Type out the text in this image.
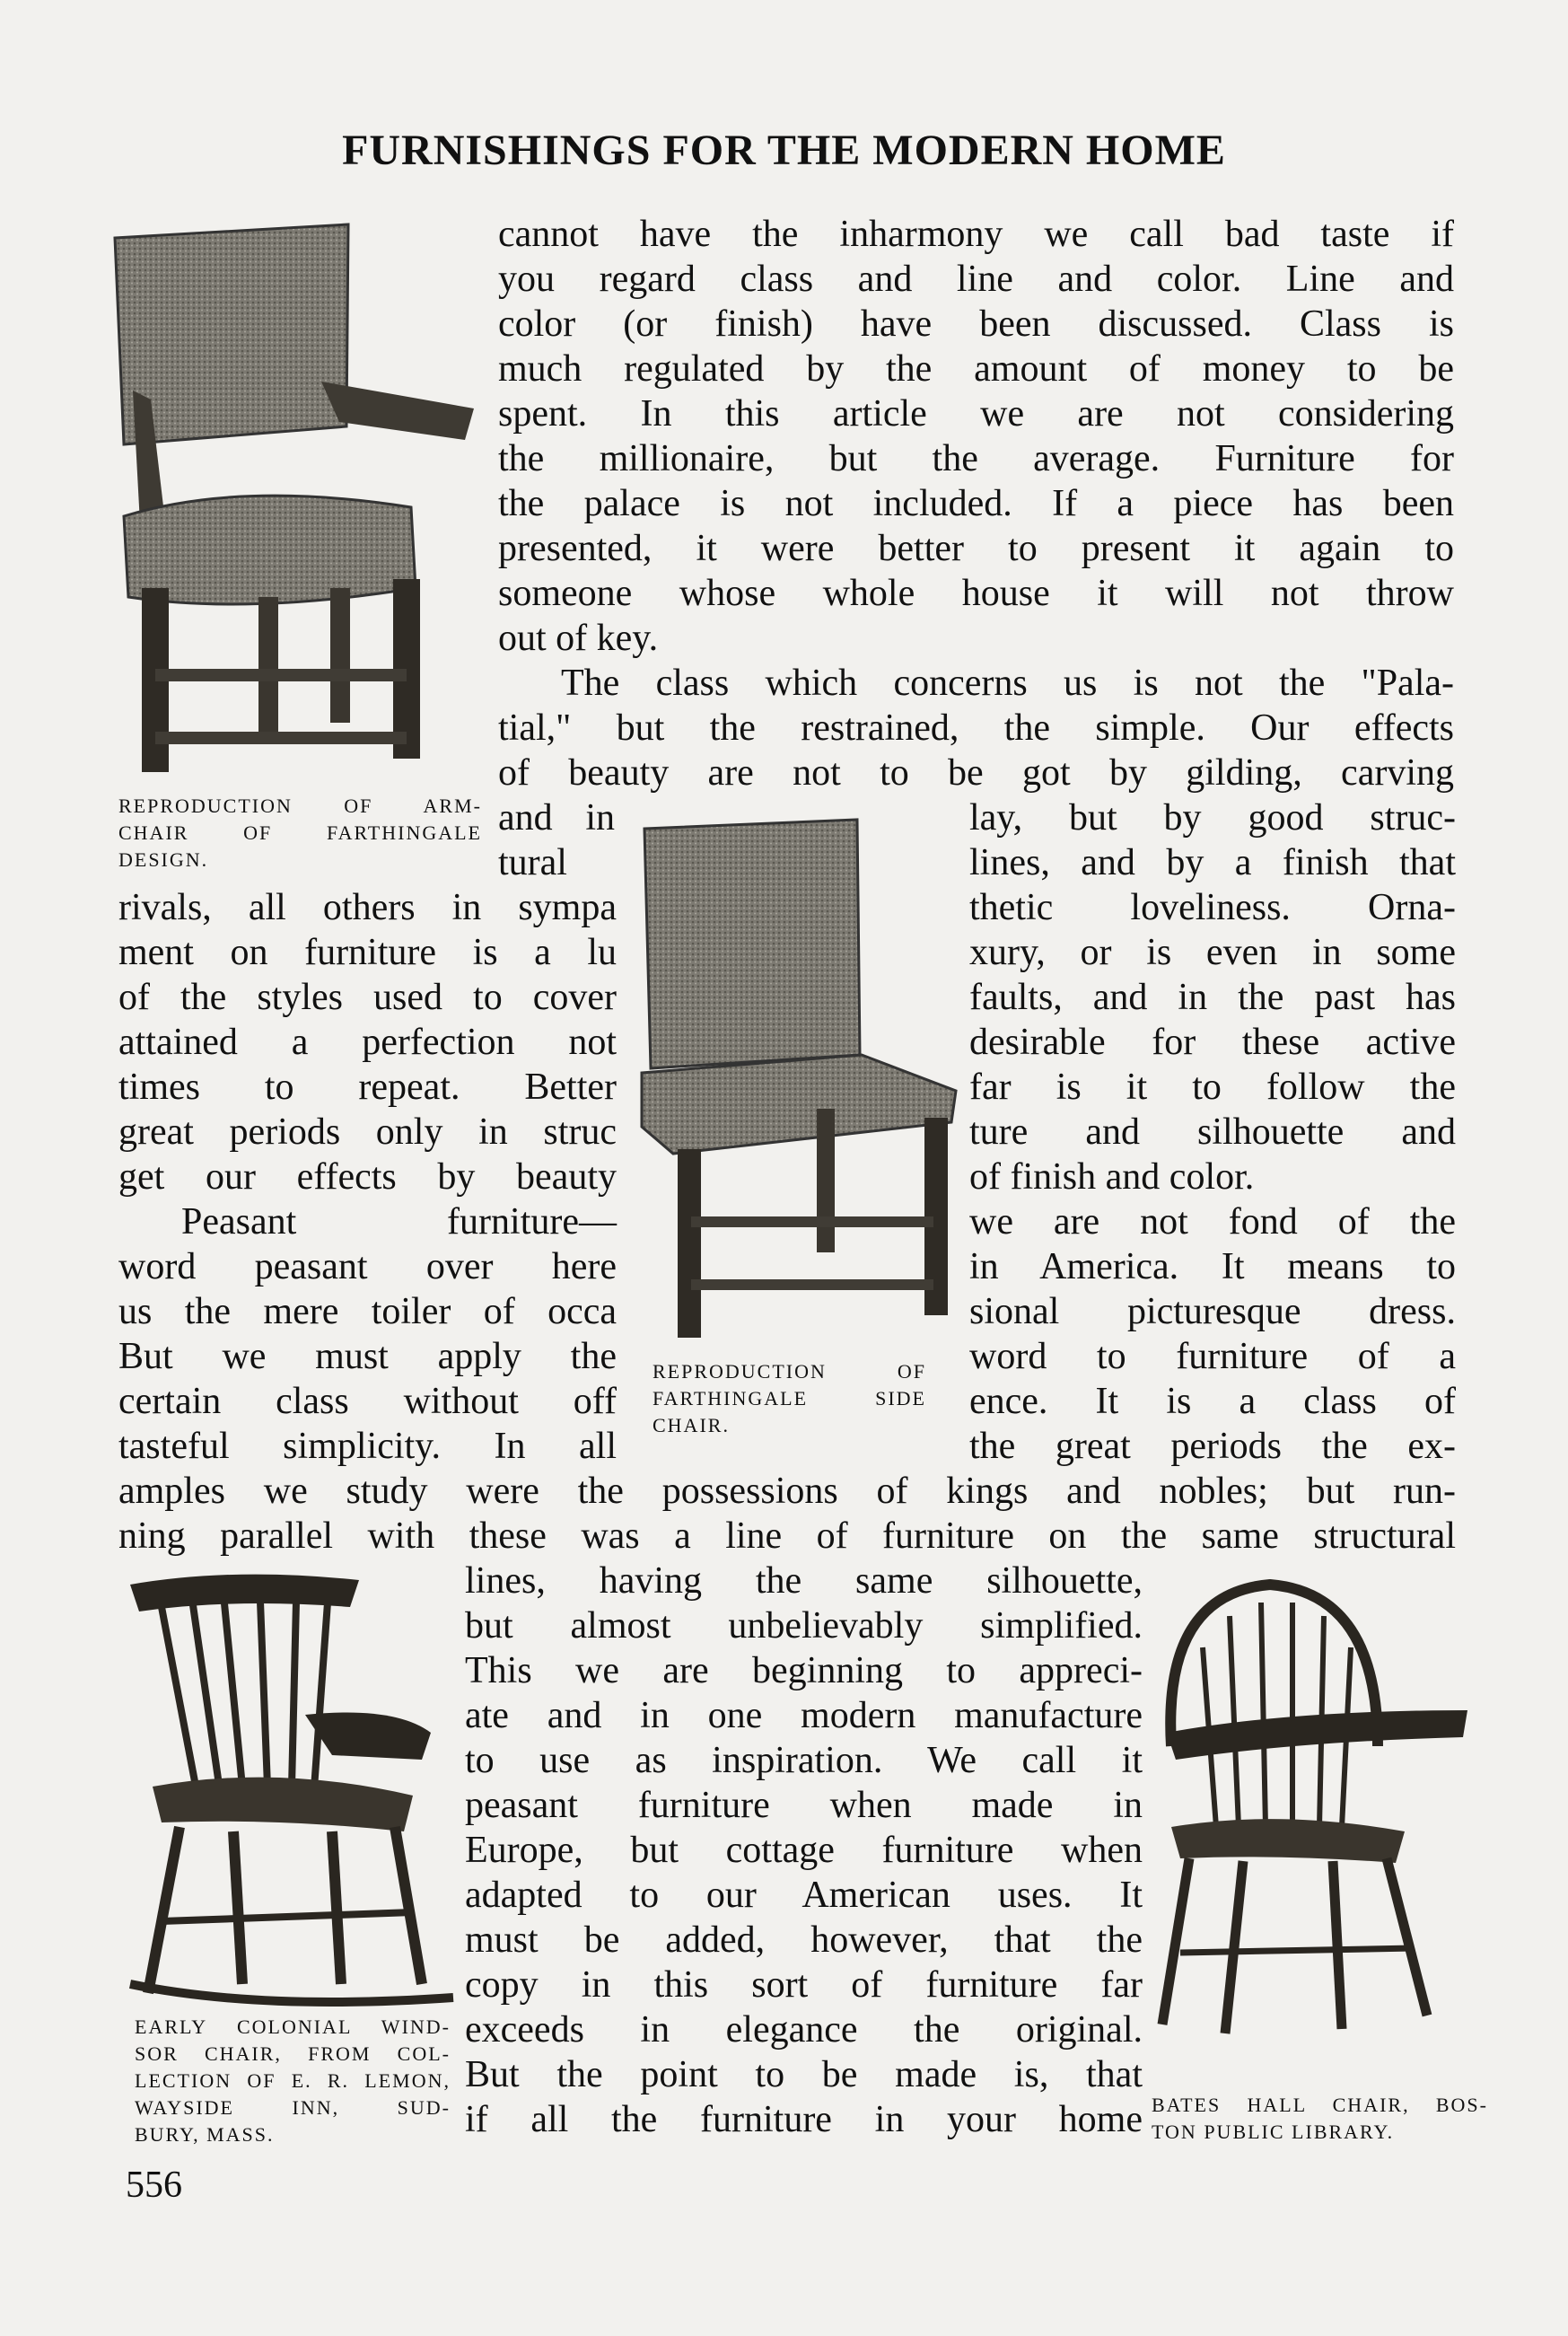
FURNISHINGS FOR THE MODERN HOME
REPRODUCTION OF ARM-
CHAIR OF FARTHINGALE
DESIGN.
cannot have the inharmony we call bad taste if
you regard class and line and color. Line and
color (or finish) have been discussed. Class is
much regulated by the amount of money to be
spent. In this article we are not considering
the millionaire, but the average. Furniture for
the palace is not included. If a piece has been
presented, it were better to present it again to
someone whose whole house it will not throw
out of key.
The class which concerns us is not the "Pala-
tial," but the restrained, the simple. Our effects
of beauty are not to be got by gilding, carving
and in
tural
rivals, all others in sympa
ment on furniture is a lu
of the styles used to cover
attained a perfection not
times to repeat. Better
great periods only in struc
get our effects by beauty
Peasant furniture—
word peasant over here
us the mere toiler of occa
But we must apply the
certain class without off
tasteful simplicity. In all
REPRODUCTION OF
FARTHINGALE SIDE
CHAIR.
lay, but by good struc-
lines, and by a finish that
thetic loveliness. Orna-
xury, or is even in some
faults, and in the past has
desirable for these active
far is it to follow the
ture and silhouette and
of finish and color.
we are not fond of the
in America. It means to
sional picturesque dress.
word to furniture of a
ence. It is a class of
the great periods the ex-
amples we study were the possessions of kings and nobles; but run-
ning parallel with these was a line of furniture on the same structural
EARLY COLONIAL WIND-
SOR CHAIR, FROM COL-
LECTION OF E. R. LEMON,
WAYSIDE INN, SUD-
BURY, MASS.
lines, having the same silhouette,
but almost unbelievably simplified.
This we are beginning to appreci-
ate and in one modern manufacture
to use as inspiration. We call it
peasant furniture when made in
Europe, but cottage furniture when
adapted to our American uses. It
must be added, however, that the
copy in this sort of furniture far
exceeds in elegance the original.
But the point to be made is, that
if all the furniture in your home BATES HALL CHAIR, BOS-
TON PUBLIC LIBRARY.
556
